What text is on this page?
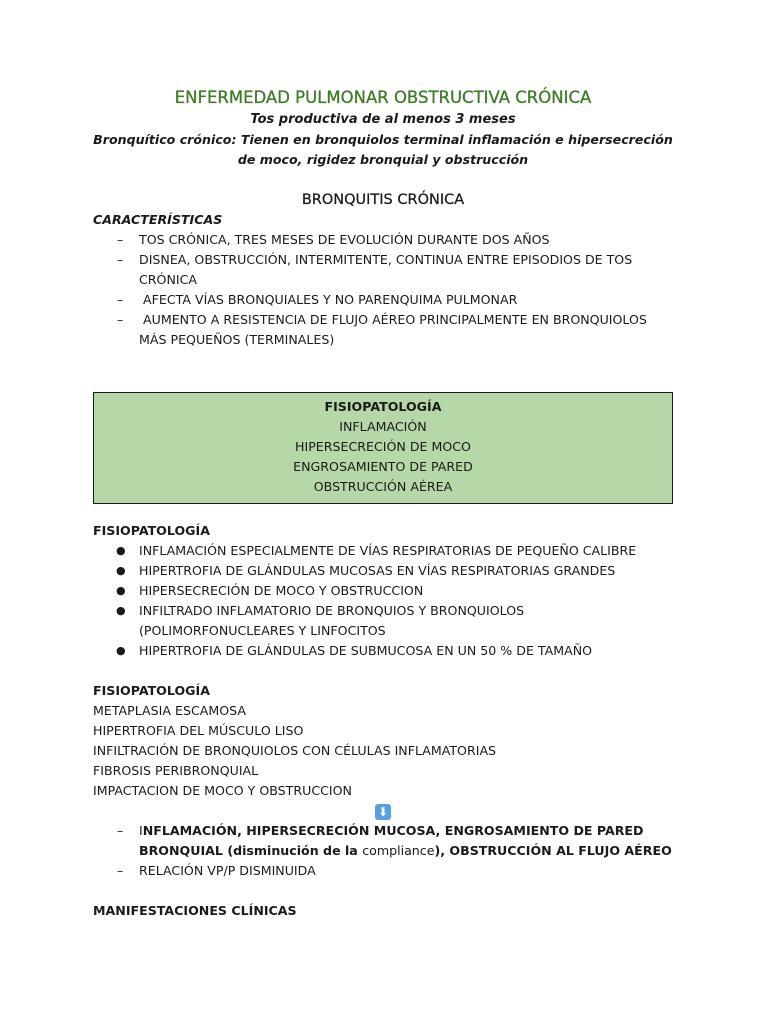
ENFERMEDAD PULMONAR OBSTRUCTIVA CRÓNICA
Tos productiva de al menos 3 meses
Bronquítico crónico: Tienen en bronquiolos terminal inflamación e hipersecreción de moco, rigidez bronquial y obstrucción
BRONQUITIS CRÓNICA
CARACTERÍSTICAS
– TOS CRÓNICA, TRES MESES DE EVOLUCIÓN DURANTE DOS AÑOS
– DISNEA, OBSTRUCCIÓN, INTERMITENTE, CONTINUA ENTRE EPISODIOS DE TOS CRÓNICA
– AFECTA VÍAS BRONQUIALES Y NO PARENQUIMA PULMONAR
– AUMENTO A RESISTENCIA DE FLUJO AÉREO PRINCIPALMENTE EN BRONQUIOLOS MÁS PEQUEÑOS (TERMINALES)
FISIOPATOLOGÍA
INFLAMACIÓN
HIPERSECRECIÓN DE MOCO
ENGROSAMIENTO DE PARED
OBSTRUCCIÓN AÉREA
FISIOPATOLOGÍA
● INFLAMACIÓN ESPECIALMENTE DE VÍAS RESPIRATORIAS DE PEQUEÑO CALIBRE
● HIPERTROFIA DE GLÁNDULAS MUCOSAS EN VÍAS RESPIRATORIAS GRANDES
● HIPERSECRECIÓN DE MOCO Y OBSTRUCCION
● INFILTRADO INFLAMATORIO DE BRONQUIOS Y BRONQUIOLOS (POLIMORFONUCLEARES Y LINFOCITOS
● HIPERTROFIA DE GLÁNDULAS DE SUBMUCOSA EN UN 50 % DE TAMAÑO
FISIOPATOLOGÍA
METAPLASIA ESCAMOSA
HIPERTROFIA DEL MÚSCULO LISO
INFILTRACIÓN DE BRONQUIOLOS CON CÉLULAS INFLAMATORIAS
FIBROSIS PERIBRONQUIAL
IMPACTACION DE MOCO Y OBSTRUCCION
⬇
– INFLAMACIÓN, HIPERSECRECIÓN MUCOSA, ENGROSAMIENTO DE PARED BRONQUIAL (disminución de la compliance), OBSTRUCCIÓN AL FLUJO AÉREO
– RELACIÓN VP/P DISMINUIDA
MANIFESTACIONES CLÍNICAS
